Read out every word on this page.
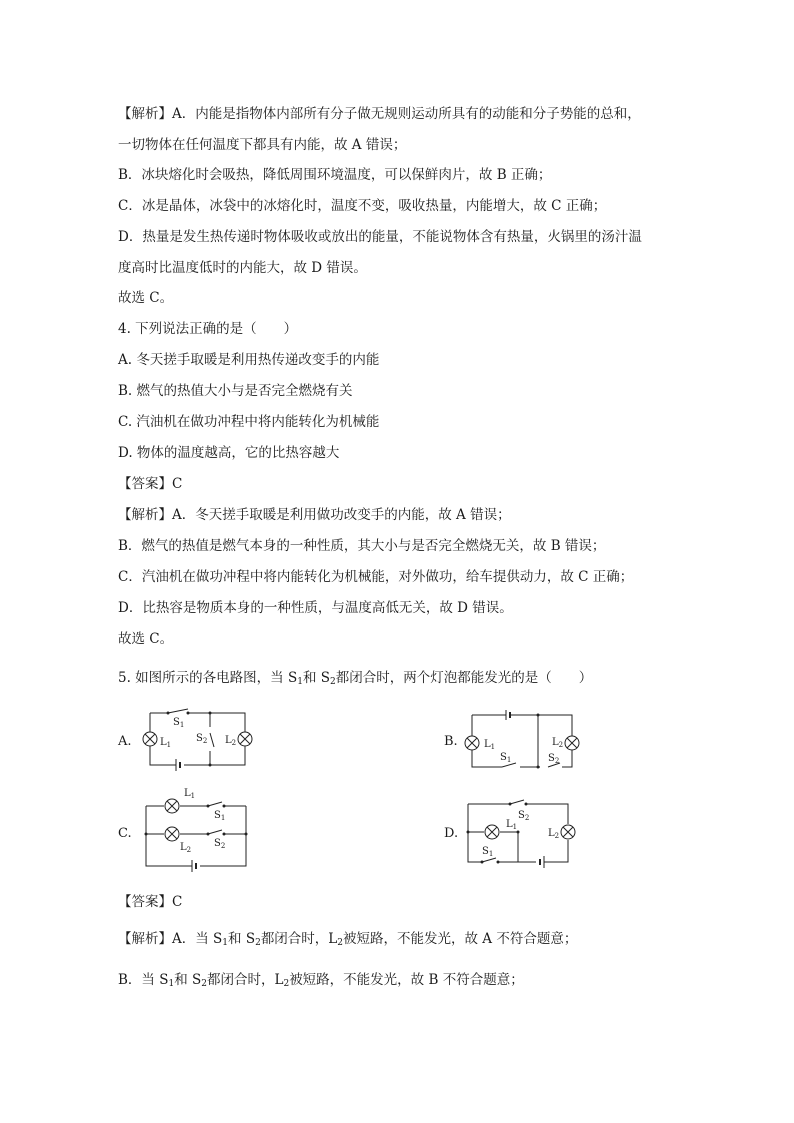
【解析】A．内能是指物体内部所有分子做无规则运动所具有的动能和分子势能的总和，
一切物体在任何温度下都具有内能，故 A 错误；
B．冰块熔化时会吸热，降低周围环境温度，可以保鲜肉片，故 B 正确；
C．冰是晶体，冰袋中的冰熔化时，温度不变，吸收热量，内能增大，故 C 正确；
D．热量是发生热传递时物体吸收或放出的能量，不能说物体含有热量，火锅里的汤汁温
度高时比温度低时的内能大，故 D 错误。
故选 C。
4. 下列说法正确的是（　　）
A. 冬天搓手取暖是利用热传递改变手的内能
B. 燃气的热值大小与是否完全燃烧有关
C. 汽油机在做功冲程中将内能转化为机械能
D. 物体的温度越高，它的比热容越大
【答案】C
【解析】A．冬天搓手取暖是利用做功改变手的内能，故 A 错误；
B．燃气的热值是燃气本身的一种性质，其大小与是否完全燃烧无关，故 B 错误；
C．汽油机在做功冲程中将内能转化为机械能，对外做功，给车提供动力，故 C 正确；
D．比热容是物质本身的一种性质，与温度高低无关，故 D 错误。
故选 C。
5. 如图所示的各电路图，当 $S_1$和 $S_2$都闭合时，两个灯泡都能发光的是（　　）
A.	B.
C.	D.
$S_1$
$L_1$
$S_2$ $L_2$	$L_1$
$S_1$
$L_2$
$S_2$
$L_1$
$S_1$
$L_2$
$S_2$
$S_2$
$L_1$
$L_2$
$S_1$
【答案】C
【解析】A．当 $S_1$和 $S_2$都闭合时，$L_2$被短路，不能发光，故 A 不符合题意；
B．当 $S_1$和 $S_2$都闭合时，$L_2$被短路，不能发光，故 B 不符合题意；
